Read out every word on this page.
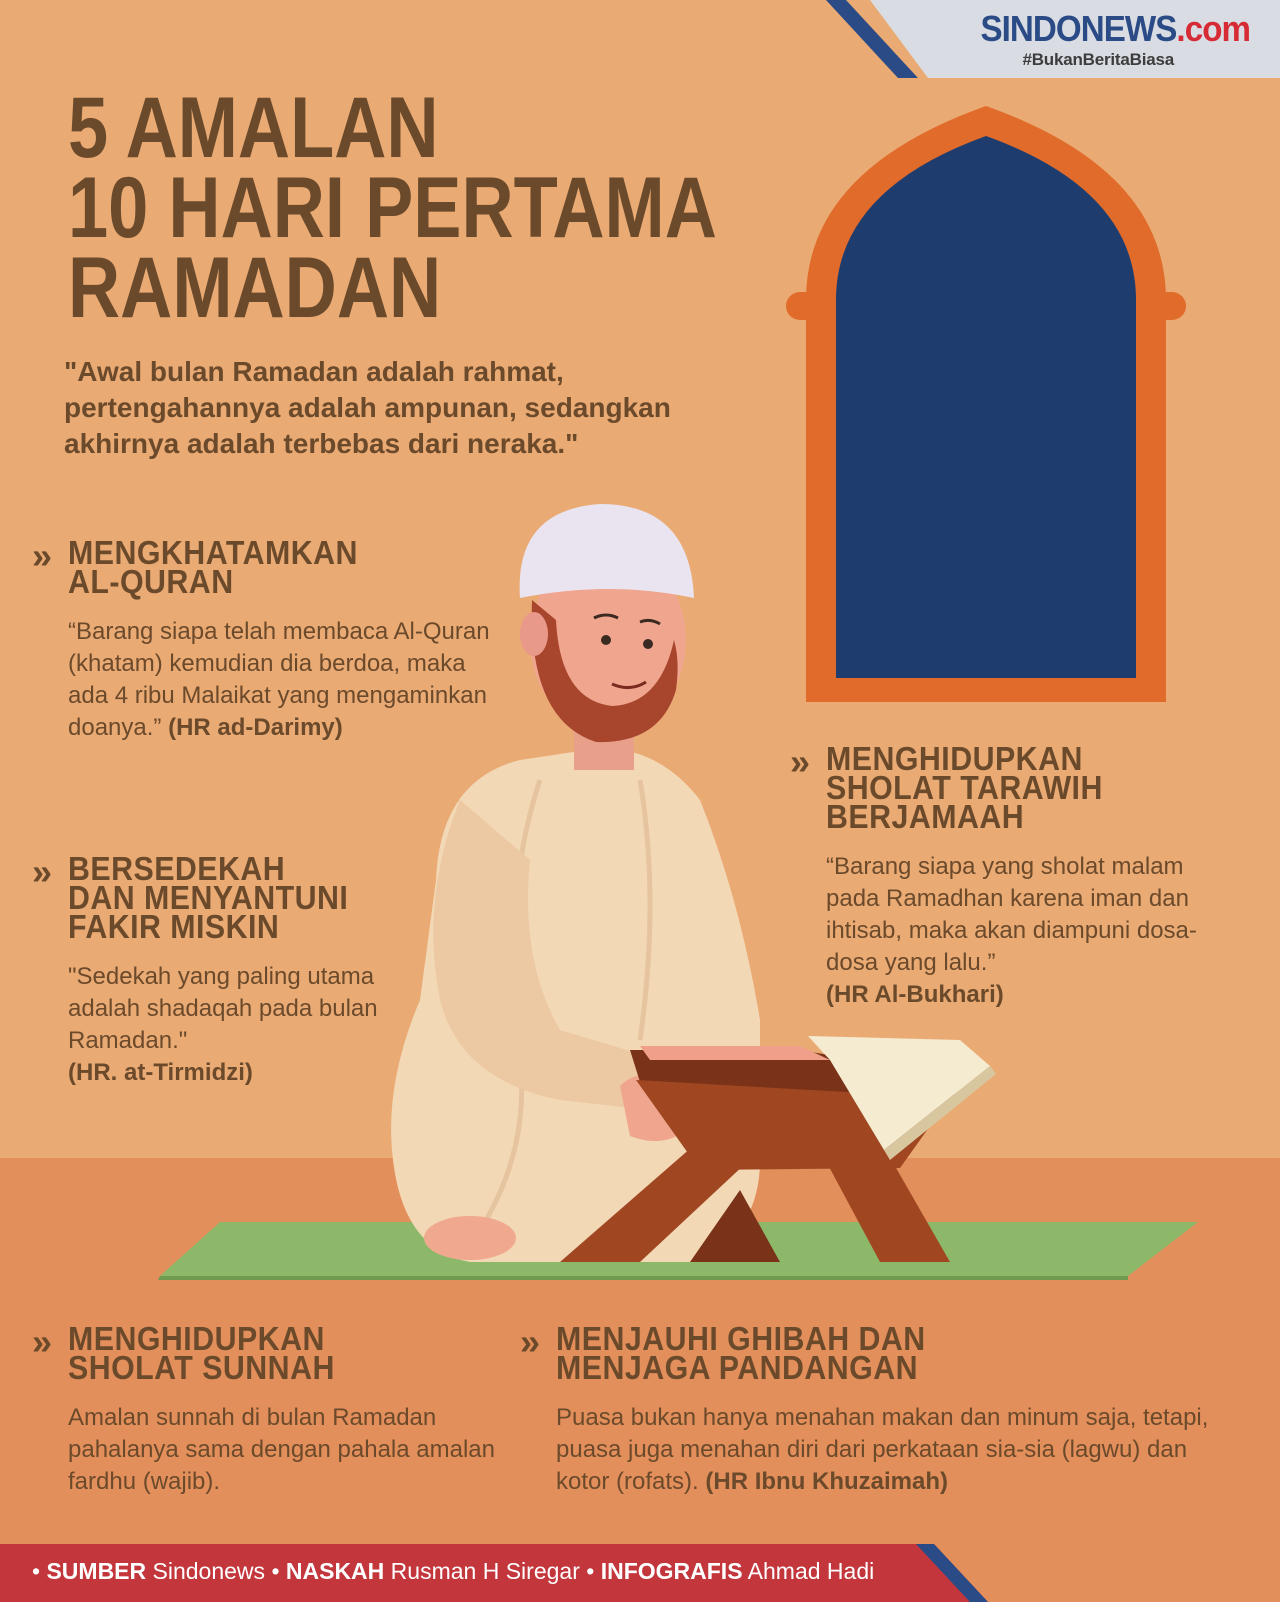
SINDONEWS.com
#BukanBeritaBiasa
5 AMALAN
10 HARI PERTAMA
RAMADAN
"Awal bulan Ramadan adalah rahmat, pertengahannya adalah ampunan, sedangkan akhirnya adalah terbebas dari neraka."
» MENGKHATAMKAN
AL-QURAN
“Barang siapa telah membaca Al-Quran (khatam) kemudian dia berdoa, maka ada 4 ribu Malaikat yang mengaminkan doanya.” (HR ad-Darimy)
» BERSEDEKAH
DAN MENYANTUNI
FAKIR MISKIN
"Sedekah yang paling utama adalah shadaqah pada bulan Ramadan."
(HR. at-Tirmidzi)
» MENGHIDUPKAN
SHOLAT TARAWIH
BERJAMAAH
“Barang siapa yang sholat malam pada Ramadhan karena iman dan ihtisab, maka akan diampuni dosa-dosa yang lalu.”
(HR Al-Bukhari)
» MENGHIDUPKAN
SHOLAT SUNNAH
Amalan sunnah di bulan Ramadan pahalanya sama dengan pahala amalan fardhu (wajib).
» MENJAUHI GHIBAH DAN
MENJAGA PANDANGAN
Puasa bukan hanya menahan makan dan minum saja, tetapi, puasa juga menahan diri dari perkataan sia-sia (lagwu) dan kotor (rofats). (HR Ibnu Khuzaimah)
• SUMBER Sindonews • NASKAH Rusman H Siregar • INFOGRAFIS Ahmad Hadi
